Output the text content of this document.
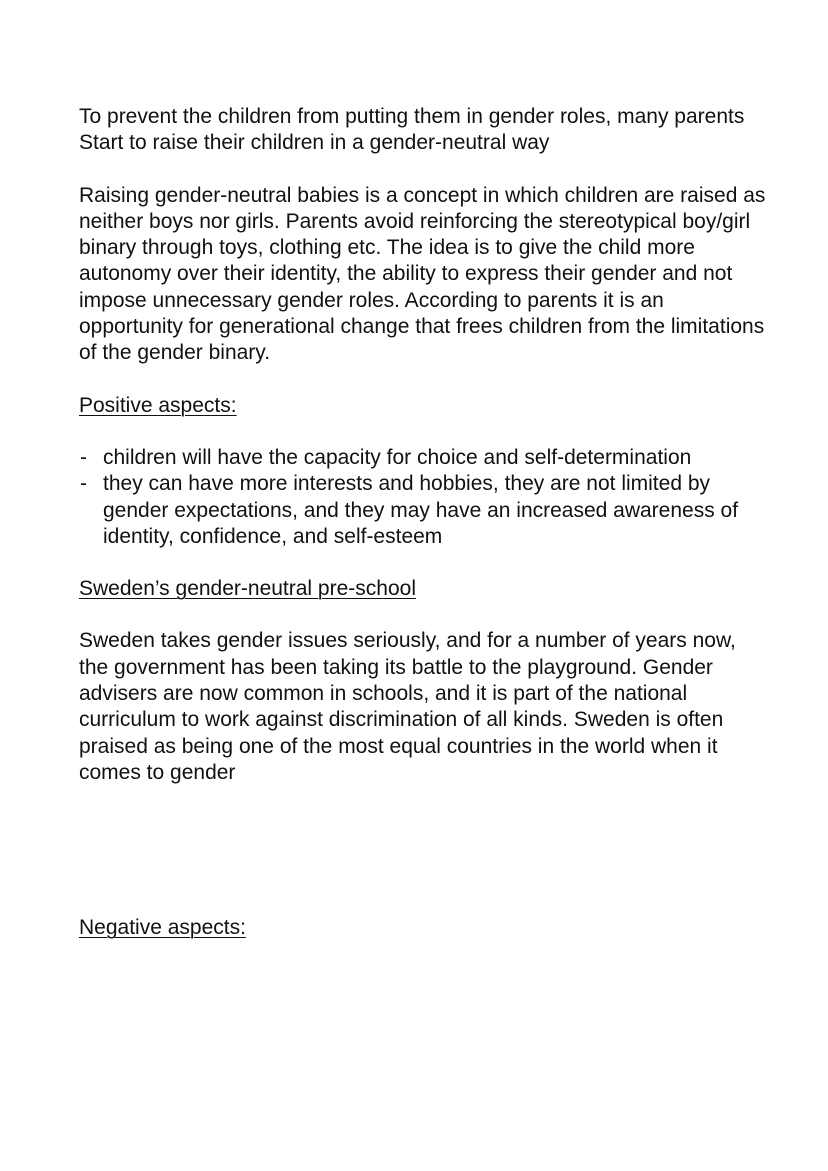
To prevent the children from putting them in gender roles, many parents Start to raise their children in a gender-neutral way

Raising gender-neutral babies is a concept in which children are raised as neither boys nor girls. Parents avoid reinforcing the stereotypical boy/girl binary through toys, clothing etc. The idea is to give the child more autonomy over their identity, the ability to express their gender and not impose unnecessary gender roles. According to parents it is an opportunity for generational change that frees children from the limitations of the gender binary.

Positive aspects:

- children will have the capacity for choice and self-determination
- they can have more interests and hobbies, they are not limited by gender expectations, and they may have an increased awareness of identity, confidence, and self-esteem

Sweden’s gender-neutral pre-school

Sweden takes gender issues seriously, and for a number of years now, the government has been taking its battle to the playground. Gender advisers are now common in schools, and it is part of the national curriculum to work against discrimination of all kinds. Sweden is often praised as being one of the most equal countries in the world when it comes to gender

Negative aspects:
